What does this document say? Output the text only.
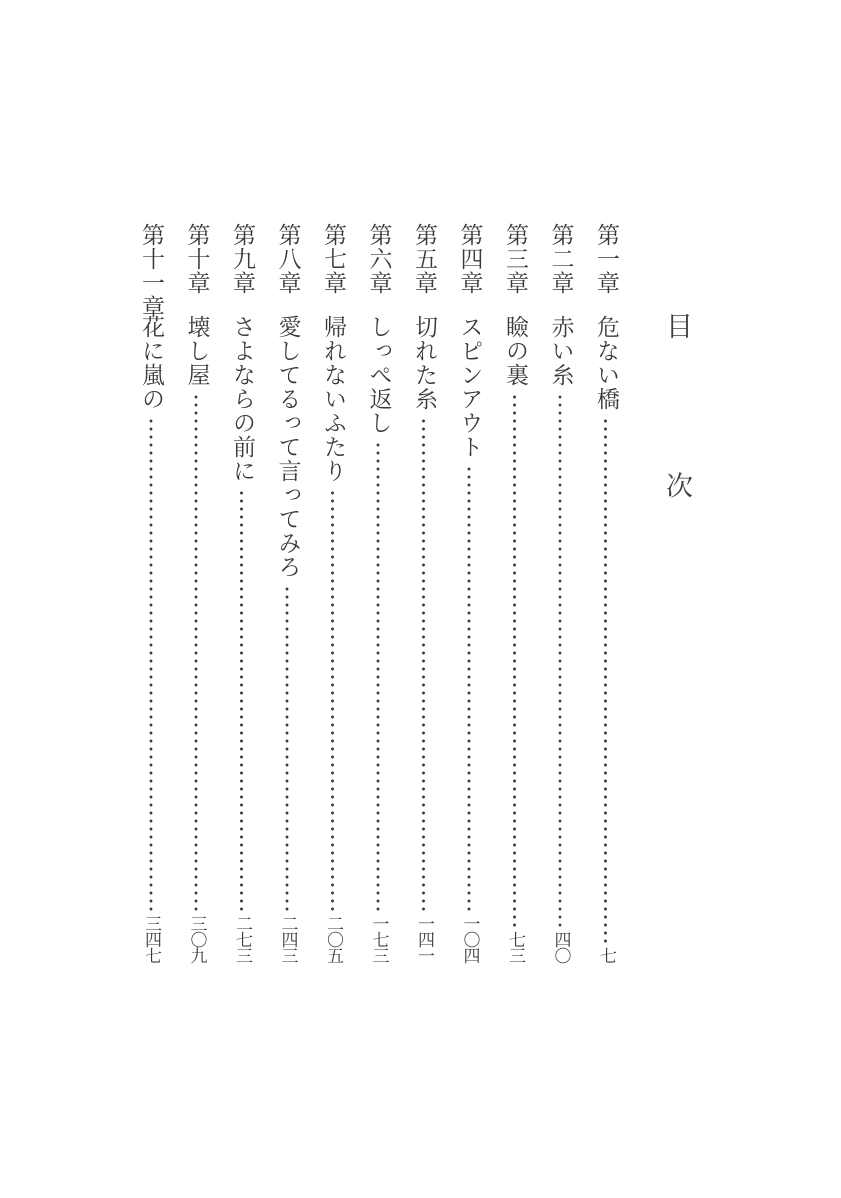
目 次
第一章
危ない橋
七
第二章
赤い糸
四〇
第三章
瞼の裏
七三
第四章
スピンアウト
一〇四
第五章
切れた糸
一四一
第六章
しっぺ返し
一七三
第七章
帰れないふたり
二〇五
第八章
愛してるって言ってみろ
二四三
第九章
さよならの前に
二七三
第十章
壊し屋
三〇九
第十一章
花に嵐の
三四七
